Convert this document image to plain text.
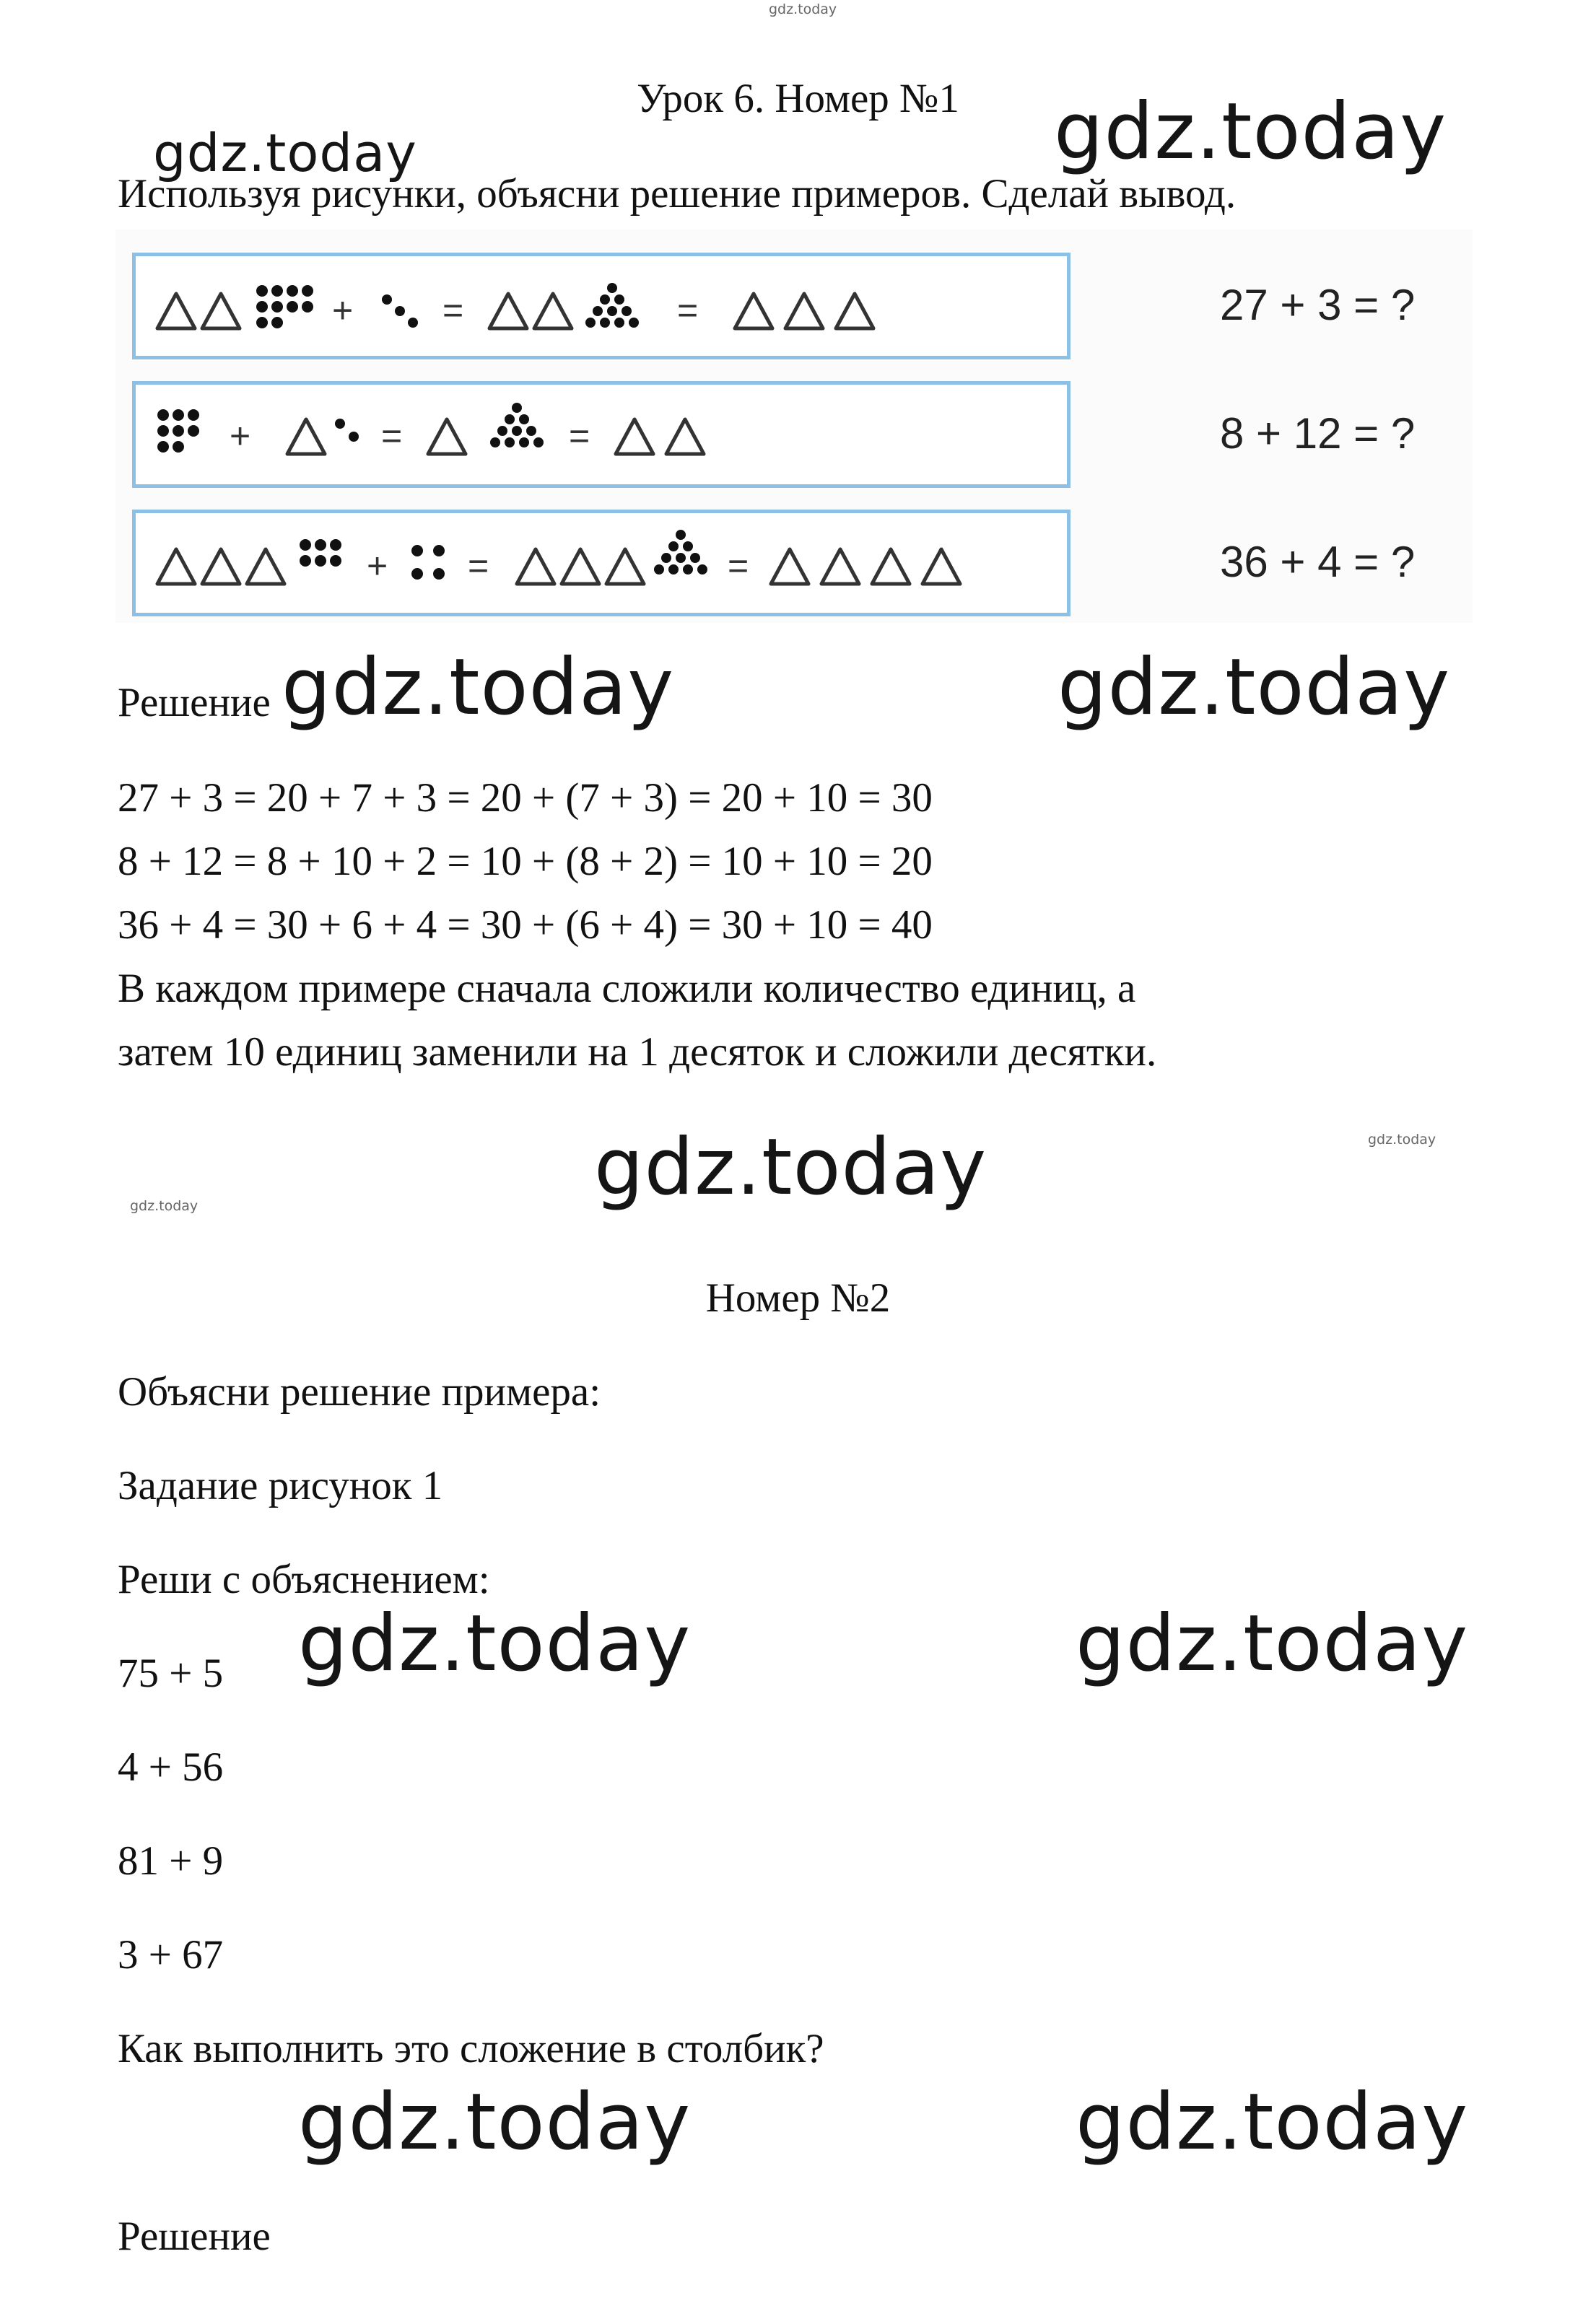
gdz.today
gdz.today	gdz.today
gdz.today	gdz.today
gdz.today
gdz.today
gdz.today
gdz.today	gdz.today
gdz.today	gdz.today
Урок 6. Номер №1
Используя рисунки, объясни решение примеров. Сделай вывод.
+ =	=
+	=	=
+ =	=
27 + 3 = ?
8 + 12 = ?
36 + 4 = ?
Решение
27 + 3 = 20 + 7 + 3 = 20 + (7 + 3) = 20 + 10 = 30
8 + 12 = 8 + 10 + 2 = 10 + (8 + 2) = 10 + 10 = 20
36 + 4 = 30 + 6 + 4 = 30 + (6 + 4) = 30 + 10 = 40
В каждом примере сначала сложили количество единиц, а
затем 10 единиц заменили на 1 десяток и сложили десятки.
Номер №2
Объясни решение примера:
Задание рисунок 1
Реши с объяснением:
75 + 5
4 + 56
81 + 9
3 + 67
Как выполнить это сложение в столбик?
Решение
